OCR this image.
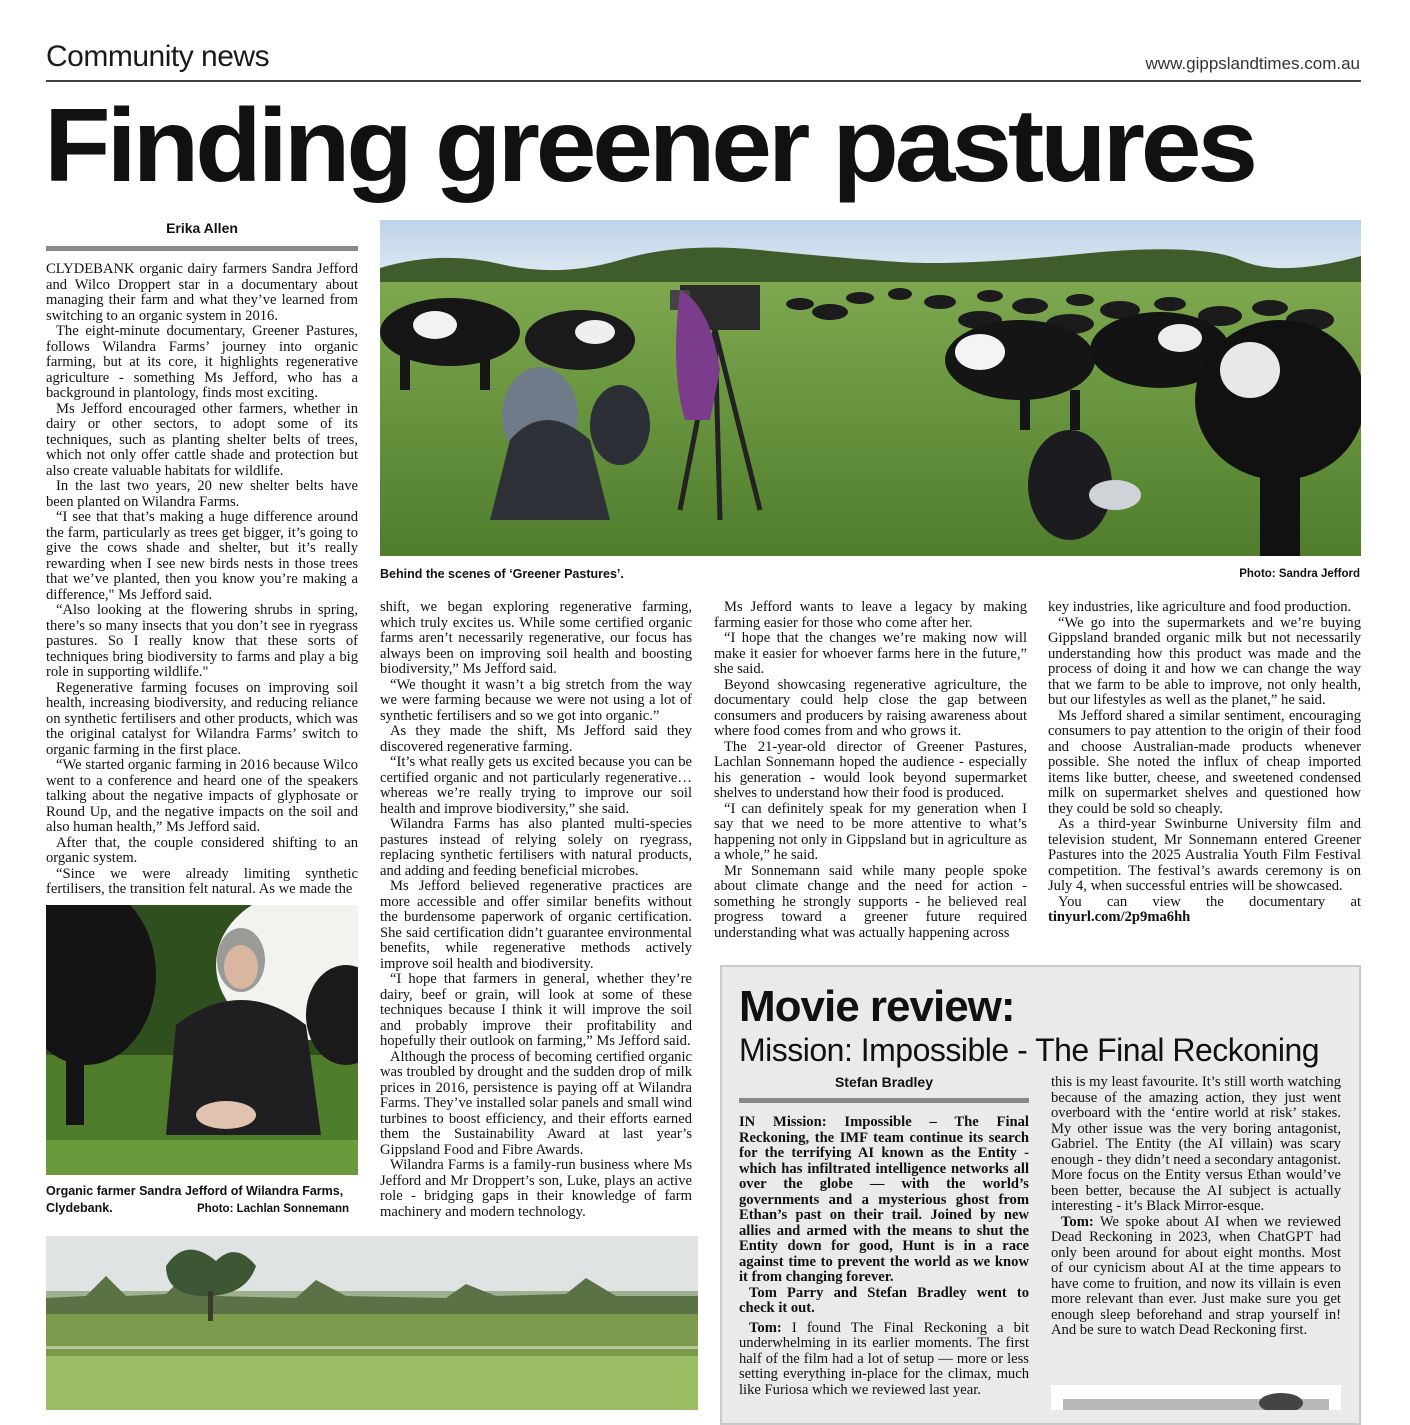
Community news	www.gippslandtimes.com.au
Finding greener pastures
Erika Allen

CLYDEBANK organic dairy farmers Sandra Jefford and Wilco Droppert star in a documentary about managing their farm and what they’ve learned from switching to an organic system in 2016.

The eight-minute documentary, Greener Pastures, follows Wilandra Farms’ journey into organic farming, but at its core, it highlights regenerative agriculture - something Ms Jefford, who has a background in plantology, finds most exciting.

Ms Jefford encouraged other farmers, whether in dairy or other sectors, to adopt some of its techniques, such as planting shelter belts of trees, which not only offer cattle shade and protection but also create valuable habitats for wildlife.

In the last two years, 20 new shelter belts have been planted on Wilandra Farms.

“I see that that’s making a huge difference around the farm, particularly as trees get bigger, it’s going to give the cows shade and shelter, but it’s really rewarding when I see new birds nests in those trees that we’ve planted, then you know you’re making a difference," Ms Jefford said.

“Also looking at the flowering shrubs in spring, there’s so many insects that you don’t see in ryegrass pastures. So I really know that these sorts of techniques bring biodiversity to farms and play a big role in supporting wildlife."

Regenerative farming focuses on improving soil health, increasing biodiversity, and reducing reliance on synthetic fertilisers and other products, which was the original catalyst for Wilandra Farms’ switch to organic farming in the first place.

“We started organic farming in 2016 because Wilco went to a conference and heard one of the speakers talking about the negative impacts of glyphosate or Round Up, and the negative impacts on the soil and also human health,” Ms Jefford said.

After that, the couple considered shifting to an organic system.

“Since we were already limiting synthetic fertilisers, the transition felt natural. As we made the

Behind the scenes of ‘Greener Pastures’.	Photo: Sandra Jefford

shift, we began exploring regenerative farming, which truly excites us. While some certified organic farms aren’t necessarily regenerative, our focus has always been on improving soil health and boosting biodiversity,” Ms Jefford said.

“We thought it wasn’t a big stretch from the way we were farming because we were not using a lot of synthetic fertilisers and so we got into organic.”

As they made the shift, Ms Jefford said they discovered regenerative farming.

“It’s what really gets us excited because you can be certified organic and not particularly regenerative… whereas we’re really trying to improve our soil health and improve biodiversity,” she said.

Wilandra Farms has also planted multi-species pastures instead of relying solely on ryegrass, replacing synthetic fertilisers with natural products, and adding and feeding beneficial microbes.

Ms Jefford believed regenerative practices are more accessible and offer similar benefits without the burdensome paperwork of organic certification. She said certification didn’t guarantee environmental benefits, while regenerative methods actively improve soil health and biodiversity.

“I hope that farmers in general, whether they’re dairy, beef or grain, will look at some of these techniques because I think it will improve the soil and probably improve their profitability and hopefully their outlook on farming,” Ms Jefford said.

Although the process of becoming certified organic was troubled by drought and the sudden drop of milk prices in 2016, persistence is paying off at Wilandra Farms. They’ve installed solar panels and small wind turbines to boost efficiency, and their efforts earned them the Sustainability Award at last year’s Gippsland Food and Fibre Awards.

Wilandra Farms is a family-run business where Ms Jefford and Mr Droppert’s son, Luke, plays an active role - bridging gaps in their knowledge of farm machinery and modern technology.

Ms Jefford wants to leave a legacy by making farming easier for those who come after her.

“I hope that the changes we’re making now will make it easier for whoever farms here in the future,” she said.

Beyond showcasing regenerative agriculture, the documentary could help close the gap between consumers and producers by raising awareness about where food comes from and who grows it.

The 21-year-old director of Greener Pastures, Lachlan Sonnemann hoped the audience - especially his generation - would look beyond supermarket shelves to understand how their food is produced.

“I can definitely speak for my generation when I say that we need to be more attentive to what’s happening not only in Gippsland but in agriculture as a whole,” he said.

Mr Sonnemann said while many people spoke about climate change and the need for action - something he strongly supports - he believed real progress toward a greener future required understanding what was actually happening across

key industries, like agriculture and food production.

“We go into the supermarkets and we’re buying Gippsland branded organic milk but not necessarily understanding how this product was made and the process of doing it and how we can change the way that we farm to be able to improve, not only health, but our lifestyles as well as the planet,” he said.

Ms Jefford shared a similar sentiment, encouraging consumers to pay attention to the origin of their food and choose Australian-made products whenever possible. She noted the influx of cheap imported items like butter, cheese, and sweetened condensed milk on supermarket shelves and questioned how they could be sold so cheaply.

As a third-year Swinburne University film and television student, Mr Sonnemann entered Greener Pastures into the 2025 Australia Youth Film Festival competition. The festival’s awards ceremony is on July 4, when successful entries will be showcased.

You can view the documentary at tinyurl.com/2p9ma6hh

Organic farmer Sandra Jefford of Wilandra Farms, Clydebank.	Photo: Lachlan Sonnemann
Movie review:
Mission: Impossible - The Final Reckoning
Stefan Bradley

IN Mission: Impossible – The Final Reckoning, the IMF team continue its search for the terrifying AI known as the Entity - which has infiltrated intelligence networks all over the globe — with the world’s governments and a mysterious ghost from Ethan’s past on their trail. Joined by new allies and armed with the means to shut the Entity down for good, Hunt is in a race against time to prevent the world as we know it from changing forever.

Tom Parry and Stefan Bradley went to check it out.

Tom: I found The Final Reckoning a bit underwhelming in its earlier moments. The first half of the film had a lot of setup — more or less setting everything in-place for the climax, much like Furiosa which we reviewed last year.

this is my least favourite. It’s still worth watching because of the amazing action, they just went overboard with the ‘entire world at risk’ stakes. My other issue was the very boring antagonist, Gabriel. The Entity (the AI villain) was scary enough - they didn’t need a secondary antagonist. More focus on the Entity versus Ethan would’ve been better, because the AI subject is actually interesting - it’s Black Mirror-esque.

Tom: We spoke about AI when we reviewed Dead Reckoning in 2023, when ChatGPT had only been around for about eight months. Most of our cynicism about AI at the time appears to have come to fruition, and now its villain is even more relevant than ever. Just make sure you get enough sleep beforehand and strap yourself in! And be sure to watch Dead Reckoning first.
